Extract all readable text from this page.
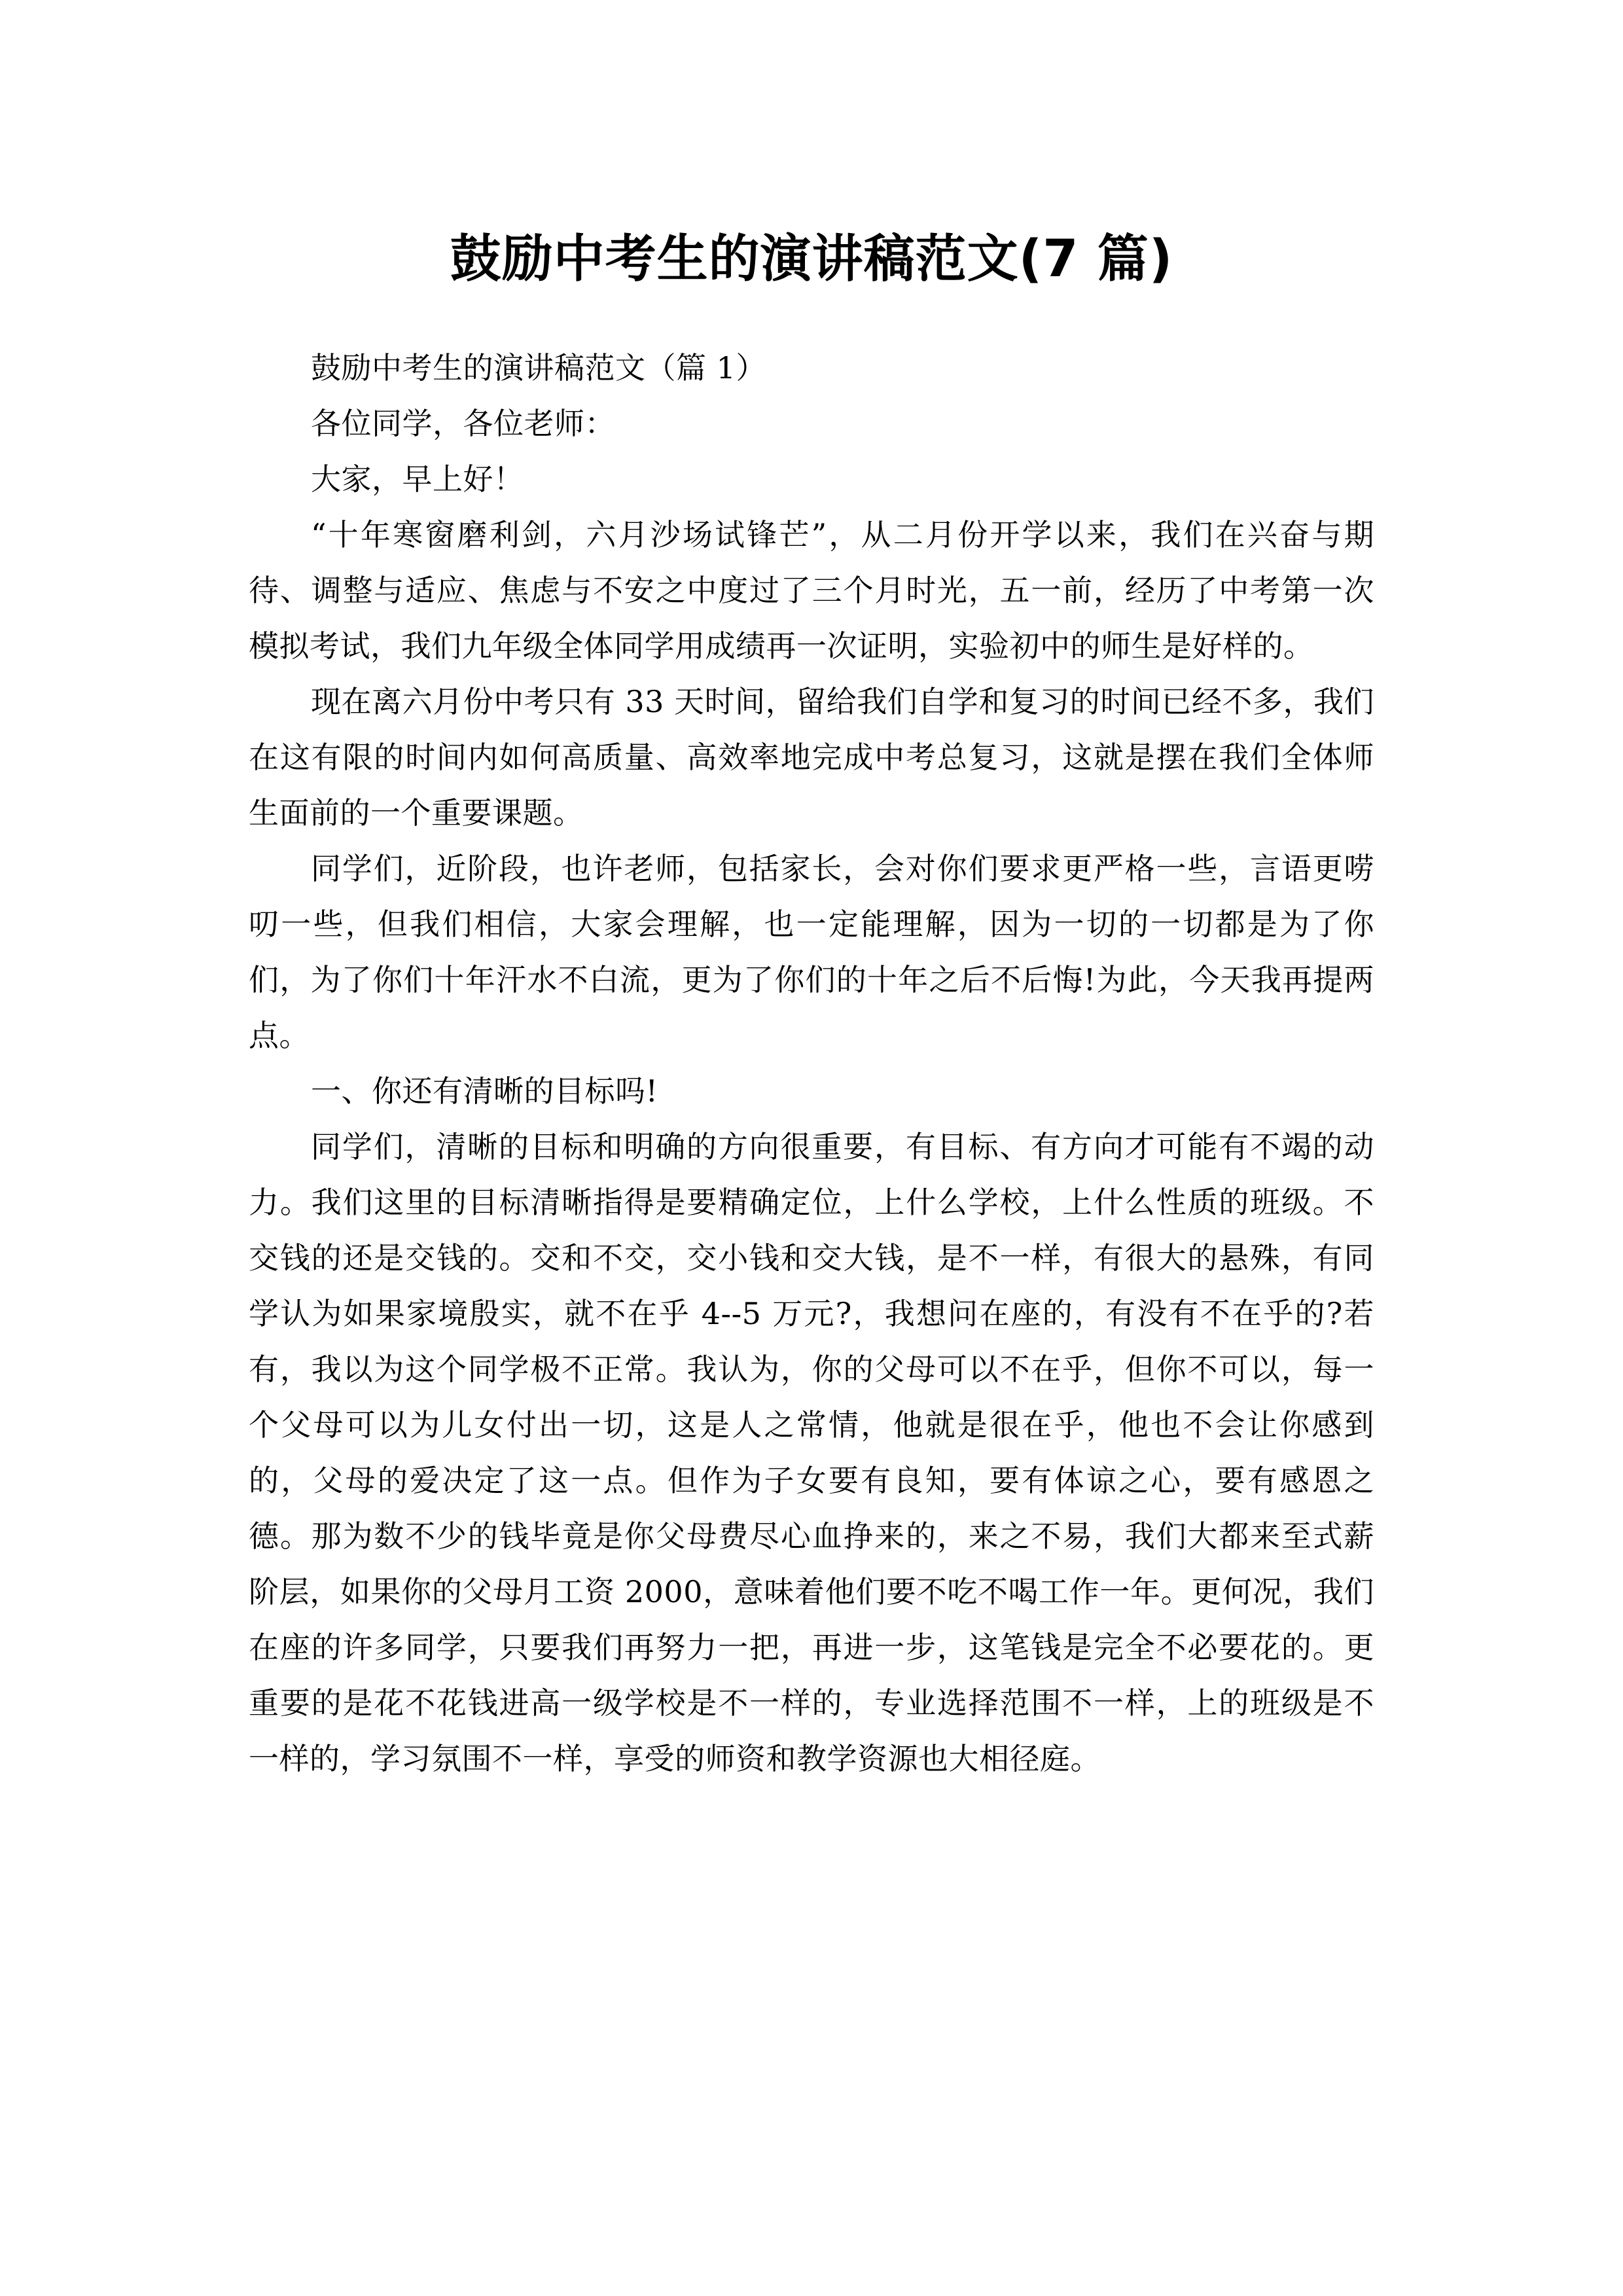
鼓励中考生的演讲稿范文(7 篇)

鼓励中考生的演讲稿范文（篇 1）

各位同学，各位老师：

大家，早上好！

“十年寒窗磨利剑，六月沙场试锋芒”，从二月份开学以来，我们在兴奋与期待、调整与适应、焦虑与不安之中度过了三个月时光，五一前，经历了中考第一次模拟考试，我们九年级全体同学用成绩再一次证明，实验初中的师生是好样的。

现在离六月份中考只有 33 天时间，留给我们自学和复习的时间已经不多，我们在这有限的时间内如何高质量、高效率地完成中考总复习，这就是摆在我们全体师生面前的一个重要课题。

同学们，近阶段，也许老师，包括家长，会对你们要求更严格一些，言语更唠叨一些，但我们相信，大家会理解，也一定能理解，因为一切的一切都是为了你们，为了你们十年汗水不白流，更为了你们的十年之后不后悔!为此，今天我再提两点。

一、你还有清晰的目标吗!

同学们，清晰的目标和明确的方向很重要，有目标、有方向才可能有不竭的动力。我们这里的目标清晰指得是要精确定位，上什么学校，上什么性质的班级。不交钱的还是交钱的。交和不交，交小钱和交大钱，是不一样，有很大的悬殊，有同学认为如果家境殷实，就不在乎 4--5 万元?，我想问在座的，有没有不在乎的?若有，我以为这个同学极不正常。我认为，你的父母可以不在乎，但你不可以，每一个父母可以为儿女付出一切，这是人之常情，他就是很在乎，他也不会让你感到的，父母的爱决定了这一点。但作为子女要有良知，要有体谅之心，要有感恩之德。那为数不少的钱毕竟是你父母费尽心血挣来的，来之不易，我们大都来至式薪阶层，如果你的父母月工资 2000，意味着他们要不吃不喝工作一年。更何况，我们在座的许多同学，只要我们再努力一把，再进一步，这笔钱是完全不必要花的。更重要的是花不花钱进高一级学校是不一样的，专业选择范围不一样，上的班级是不一样的，学习氛围不一样，享受的师资和教学资源也大相径庭。
